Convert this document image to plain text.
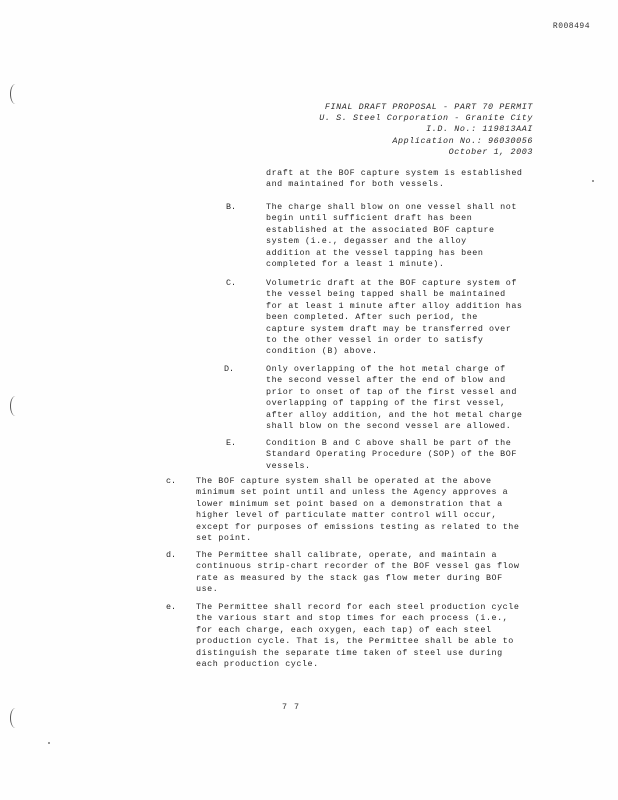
R008494
FINAL DRAFT PROPOSAL - PART 70 PERMIT
U. S. Steel Corporation - Granite City
I.D. No.: 119813AAI
Application No.: 96030056
October 1, 2003
draft at the BOF capture system is established
and maintained for both vessels.
B.	The charge shall blow on one vessel shall not
begin until sufficient draft has been
established at the associated BOF capture
system (i.e., degasser and the alloy
addition at the vessel tapping has been
completed for a least 1 minute).
C.	Volumetric draft at the BOF capture system of
the vessel being tapped shall be maintained
for at least 1 minute after alloy addition has
been completed. After such period, the
capture system draft may be transferred over
to the other vessel in order to satisfy
condition (B) above.
D.	Only overlapping of the hot metal charge of
the second vessel after the end of blow and
prior to onset of tap of the first vessel and
overlapping of tapping of the first vessel,
after alloy addition, and the hot metal charge
shall blow on the second vessel are allowed.
E.	Condition B and C above shall be part of the
Standard Operating Procedure (SOP) of the BOF
vessels.
c. The BOF capture system shall be operated at the above
minimum set point until and unless the Agency approves a
lower minimum set point based on a demonstration that a
higher level of particulate matter control will occur,
except for purposes of emissions testing as related to the
set point.
d. The Permittee shall calibrate, operate, and maintain a
continuous strip-chart recorder of the BOF vessel gas flow
rate as measured by the stack gas flow meter during BOF
use.
e. The Permittee shall record for each steel production cycle
the various start and stop times for each process (i.e.,
for each charge, each oxygen, each tap) of each steel
production cycle. That is, the Permittee shall be able to
distinguish the separate time taken of steel use during
each production cycle.
7 7
